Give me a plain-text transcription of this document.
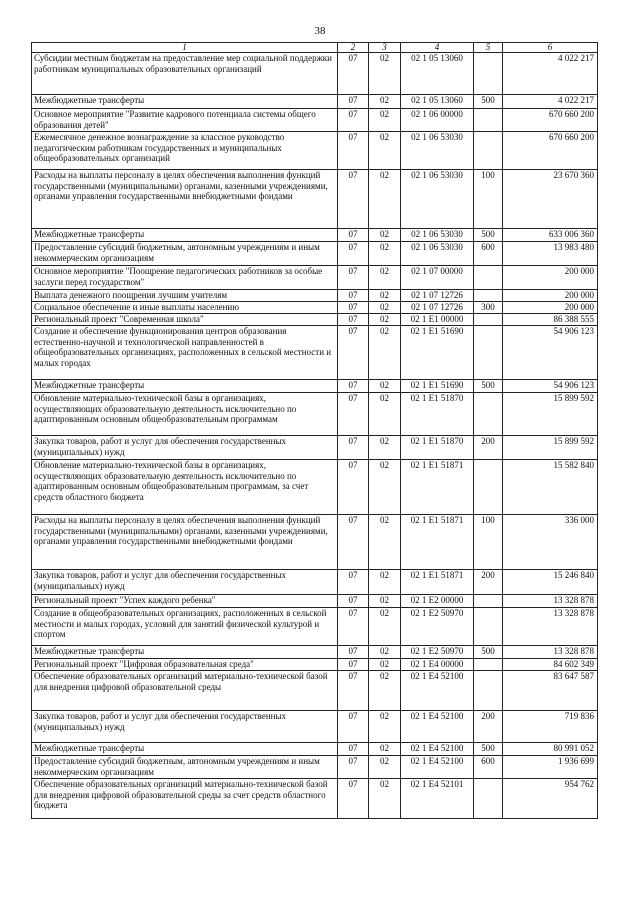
38
1	2	3	4	5	6
Субсидии местным бюджетам на предоставление мер социальной поддержки работникам муниципальных образовательных организаций	07	02	02 1 05 13060		4 022 217
Межбюджетные трансферты	07	02	02 1 05 13060	500	4 022 217
Основное мероприятие "Развитие кадрового потенциала системы общего образования детей"	07	02	02 1 06 00000		670 660 200
Ежемесячное денежное вознаграждение за классное руководство педагогическим работникам государственных и муниципальных общеобразовательных организаций	07	02	02 1 06 53030		670 660 200
Расходы на выплаты персоналу в целях обеспечения выполнения функций государственными (муниципальными) органами, казенными учреждениями, органами управления государственными внебюджетными фондами	07	02	02 1 06 53030	100	23 670 360
Межбюджетные трансферты	07	02	02 1 06 53030	500	633 006 360
Предоставление субсидий бюджетным, автономным учреждениям и иным некоммерческим организациям	07	02	02 1 06 53030	600	13 983 480
Основное мероприятие "Поощрение педагогических работников за особые заслуги перед государством"	07	02	02 1 07 00000		200 000
Выплата денежного поощрения лучшим учителям	07	02	02 1 07 12726		200 000
Социальное обеспечение и иные выплаты населению	07	02	02 1 07 12726	300	200 000
Региональный проект "Современная школа"	07	02	02 1 E1 00000		86 388 555
Создание и обеспечение функционирования центров образования естественно-научной и технологической направленностей в общеобразовательных организациях, расположенных в сельской местности и малых городах	07	02	02 1 E1 51690		54 906 123
Межбюджетные трансферты	07	02	02 1 E1 51690	500	54 906 123
Обновление материально-технической базы в организациях, осуществляющих образовательную деятельность исключительно по адаптированным основным общеобразовательным программам	07	02	02 1 E1 51870		15 899 592
Закупка товаров, работ и услуг для обеспечения государственных (муниципальных) нужд	07	02	02 1 E1 51870	200	15 899 592
Обновление материально-технической базы в организациях, осуществляющих образовательную деятельность исключительно по адаптированным основным общеобразовательным программам, за счет средств областного бюджета	07	02	02 1 E1 51871		15 582 840
Расходы на выплаты персоналу в целях обеспечения выполнения функций государственными (муниципальными) органами, казенными учреждениями, органами управления государственными внебюджетными фондами	07	02	02 1 E1 51871	100	336 000
Закупка товаров, работ и услуг для обеспечения государственных (муниципальных) нужд	07	02	02 1 E1 51871	200	15 246 840
Региональный проект "Успех каждого ребенка"	07	02	02 1 E2 00000		13 328 878
Создание в общеобразовательных организациях, расположенных в сельской местности и малых городах, условий для занятий физической культурой и спортом	07	02	02 1 E2 50970		13 328 878
Межбюджетные трансферты	07	02	02 1 E2 50970	500	13 328 878
Региональный проект "Цифровая образовательная среда"	07	02	02 1 E4 00000		84 602 349
Обеспечение образовательных организаций материально-технической базой для внедрения цифровой образовательной среды	07	02	02 1 E4 52100		83 647 587
Закупка товаров, работ и услуг для обеспечения государственных (муниципальных) нужд	07	02	02 1 E4 52100	200	719 836
Межбюджетные трансферты	07	02	02 1 E4 52100	500	80 991 052
Предоставление субсидий бюджетным, автономным учреждениям и иным некоммерческим организациям	07	02	02 1 E4 52100	600	1 936 699
Обеспечение образовательных организаций материально-технической базой для внедрения цифровой образовательной среды за счет средств областного бюджета	07	02	02 1 E4 52101		954 762
